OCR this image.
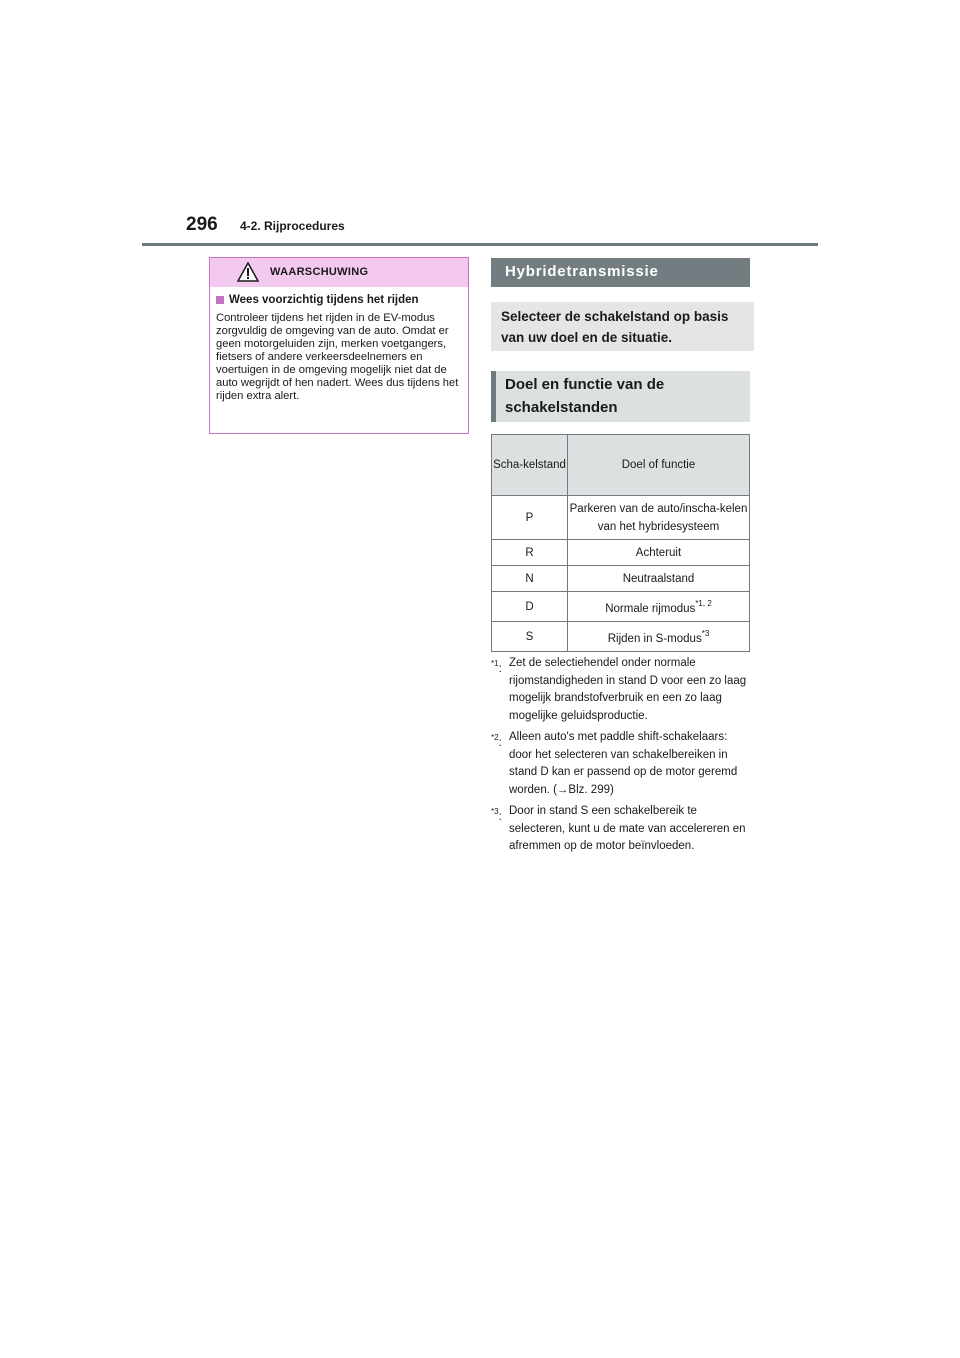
296 4-2. Rijprocedures
WAARSCHUWING
Wees voorzichtig tijdens het rijden
Controleer tijdens het rijden in de EV-modus zorgvuldig de omgeving van de auto. Omdat er geen motorgeluiden zijn, merken voetgangers, fietsers of andere verkeersdeelnemers en voertuigen in de omgeving mogelijk niet dat de auto wegrijdt of hen nadert. Wees dus tijdens het rijden extra alert.
Hybridetransmissie
Selecteer de schakelstand op basis van uw doel en de situatie.
Doel en functie van de schakelstanden
Scha-kelstand	Doel of functie
P	Parkeren van de auto/inscha-kelen van het hybridesysteem
R	Achteruit
N	Neutraalstand
D	Normale rijmodus$^{*1, 2}$
S	Rijden in S-modus$^{*3}$
$^{*1}$: Zet de selectiehendel onder normale rijomstandigheden in stand D voor een zo laag mogelijk brandstofverbruik en een zo laag mogelijke geluidsproductie.
$^{*2}$: Alleen auto's met paddle shift-schakelaars: door het selecteren van schakelbereiken in stand D kan er passend op de motor geremd worden. (→Blz. 299)
$^{*3}$: Door in stand S een schakelbereik te selecteren, kunt u de mate van accelereren en afremmen op de motor beïnvloeden.
